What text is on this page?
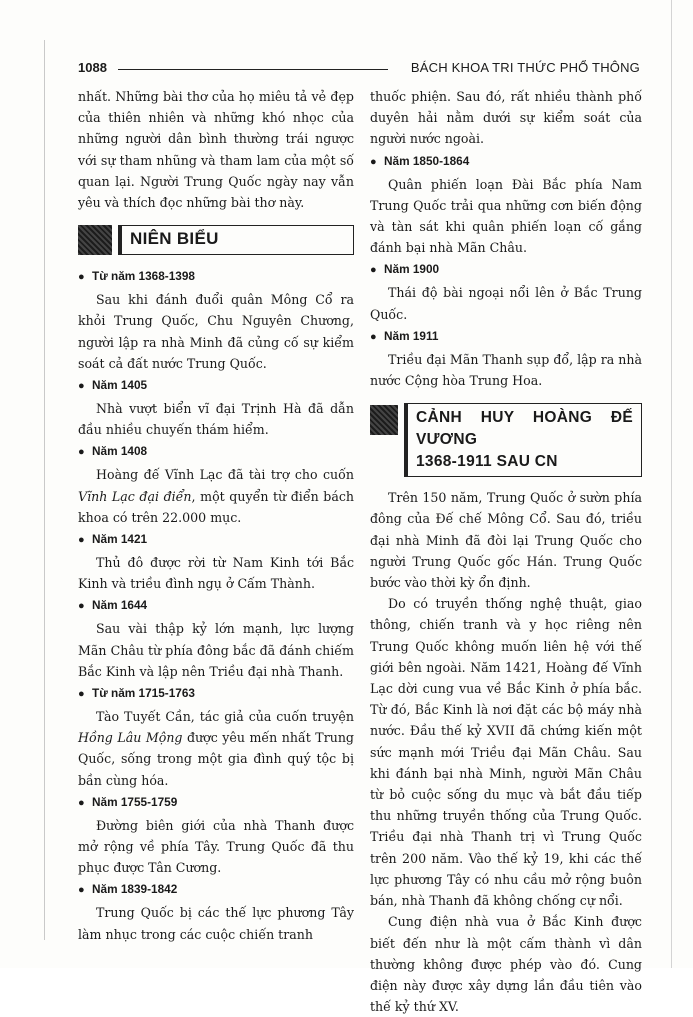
1088	BÁCH KHOA TRI THỨC PHỔ THÔNG

nhất. Những bài thơ của họ miêu tả vẻ đẹp của thiên nhiên và những khó nhọc của những người dân bình thường trái ngược với sự tham nhũng và tham lam của một số quan lại. Người Trung Quốc ngày nay vẫn yêu và thích đọc những bài thơ này.

NIÊN BIỂU

● Từ năm 1368-1398

Sau khi đánh đuổi quân Mông Cổ ra khỏi Trung Quốc, Chu Nguyên Chương, người lập ra nhà Minh đã củng cố sự kiểm soát cả đất nước Trung Quốc.

● Năm 1405

Nhà vượt biển vĩ đại Trịnh Hà đã dẫn đầu nhiều chuyến thám hiểm.

● Năm 1408

Hoàng đế Vĩnh Lạc đã tài trợ cho cuốn Vĩnh Lạc đại điển, một quyển từ điển bách khoa có trên 22.000 mục.

● Năm 1421

Thủ đô được rời từ Nam Kinh tới Bắc Kinh và triều đình ngụ ở Cấm Thành.

● Năm 1644

Sau vài thập kỷ lớn mạnh, lực lượng Mãn Châu từ phía đông bắc đã đánh chiếm Bắc Kinh và lập nên Triều đại nhà Thanh.

● Từ năm 1715-1763

Tào Tuyết Cần, tác giả của cuốn truyện Hồng Lâu Mộng được yêu mến nhất Trung Quốc, sống trong một gia đình quý tộc bị bần cùng hóa.

● Năm 1755-1759

Đường biên giới của nhà Thanh được mở rộng về phía Tây. Trung Quốc đã thu phục được Tân Cương.

● Năm 1839-1842

Trung Quốc bị các thế lực phương Tây làm nhục trong các cuộc chiến tranh

thuốc phiện. Sau đó, rất nhiều thành phố duyên hải nằm dưới sự kiểm soát của người nước ngoài.

● Năm 1850-1864

Quân phiến loạn Đài Bắc phía Nam Trung Quốc trải qua những cơn biến động và tàn sát khi quân phiến loạn cố gắng đánh bại nhà Mãn Châu.

● Năm 1900

Thái độ bài ngoại nổi lên ở Bắc Trung Quốc.

● Năm 1911

Triều đại Mãn Thanh sụp đổ, lập ra nhà nước Cộng hòa Trung Hoa.

CẢNH HUY HOÀNG ĐẾ VƯƠNG
1368-1911 SAU CN

Trên 150 năm, Trung Quốc ở sườn phía đông của Đế chế Mông Cổ. Sau đó, triều đại nhà Minh đã đòi lại Trung Quốc cho người Trung Quốc gốc Hán. Trung Quốc bước vào thời kỳ ổn định.

Do có truyền thống nghệ thuật, giao thông, chiến tranh và y học riêng nên Trung Quốc không muốn liên hệ với thế giới bên ngoài. Năm 1421, Hoàng đế Vĩnh Lạc dời cung vua về Bắc Kinh ở phía bắc. Từ đó, Bắc Kinh là nơi đặt các bộ máy nhà nước. Đầu thế kỷ XVII đã chứng kiến một sức mạnh mới Triều đại Mãn Châu. Sau khi đánh bại nhà Minh, người Mãn Châu từ bỏ cuộc sống du mục và bắt đầu tiếp thu những truyền thống của Trung Quốc. Triều đại nhà Thanh trị vì Trung Quốc trên 200 năm. Vào thế kỷ 19, khi các thế lực phương Tây có nhu cầu mở rộng buôn bán, nhà Thanh đã không chống cự nổi.

Cung điện nhà vua ở Bắc Kinh được biết đến như là một cấm thành vì dân thường không được phép vào đó. Cung điện này được xây dựng lần đầu tiên vào thế kỷ thứ XV.
